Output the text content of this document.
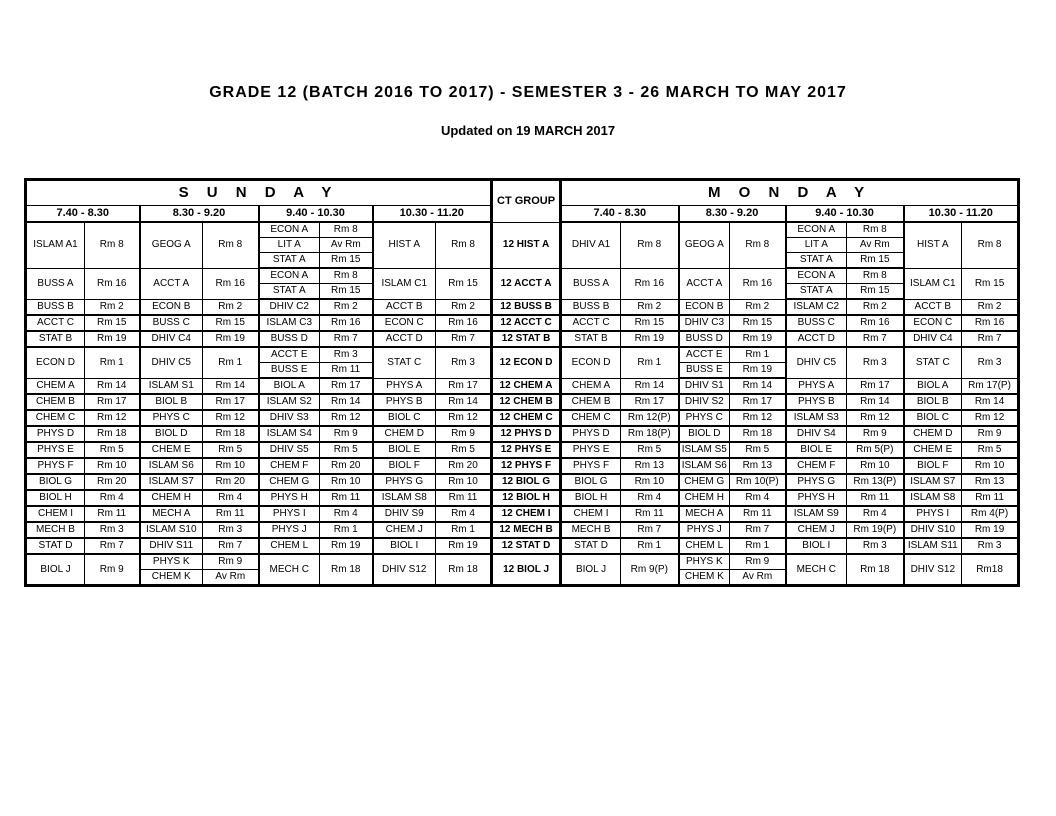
GRADE 12 (BATCH 2016 TO 2017) - SEMESTER 3 - 26 MARCH TO MAY 2017
Updated on 19 MARCH 2017
S U N D A Y								CT GROUP	M O N D A Y							
7.40 - 8.30		8.30 - 9.20		9.40 - 10.30		10.30 - 11.20			7.40 - 8.30		8.30 - 9.20		9.40 - 10.30		10.30 - 11.20	
ISLAM A1	Rm 8	GEOG A	Rm 8	ECON A	Rm 8	HIST A	Rm 8	12 HIST A	DHIV A1	Rm 8	GEOG A	Rm 8	ECON A	Rm 8	HIST A	Rm 8
				LIT A	Av Rm								LIT A	Av Rm		
				STAT A	Rm 15								STAT A	Rm 15		
BUSS A	Rm 16	ACCT A	Rm 16	ECON A	Rm 8	ISLAM C1	Rm 15	12 ACCT A	BUSS A	Rm 16	ACCT A	Rm 16	ECON A	Rm 8	ISLAM C1	Rm 15
				STAT A	Rm 15								STAT A	Rm 15		
BUSS B	Rm 2	ECON B	Rm 2	DHIV C2	Rm 2	ACCT B	Rm 2	12 BUSS B	BUSS B	Rm 2	ECON B	Rm 2	ISLAM C2	Rm 2	ACCT B	Rm 2
ACCT C	Rm 15	BUSS C	Rm 15	ISLAM C3	Rm 16	ECON C	Rm 16	12 ACCT C	ACCT C	Rm 15	DHIV C3	Rm 15	BUSS C	Rm 16	ECON C	Rm 16
STAT B	Rm 19	DHIV C4	Rm 19	BUSS D	Rm 7	ACCT D	Rm 7	12 STAT B	STAT B	Rm 19	BUSS D	Rm 19	ACCT D	Rm 7	DHIV C4	Rm 7
ECON D	Rm 1	DHIV C5	Rm 1	ACCT E	Rm 3	STAT C	Rm 3	12 ECON D	ECON D	Rm 1	ACCT E	Rm 1	DHIV C5	Rm 3	STAT C	Rm 3
				BUSS E	Rm 11						BUSS E	Rm 19				
CHEM A	Rm 14	ISLAM S1	Rm 14	BIOL A	Rm 17	PHYS A	Rm 17	12 CHEM A	CHEM A	Rm 14	DHIV S1	Rm 14	PHYS A	Rm 17	BIOL A	Rm 17(P)
CHEM B	Rm 17	BIOL B	Rm 17	ISLAM S2	Rm 14	PHYS B	Rm 14	12 CHEM B	CHEM B	Rm 17	DHIV S2	Rm 17	PHYS B	Rm 14	BIOL B	Rm 14
CHEM C	Rm 12	PHYS C	Rm 12	DHIV S3	Rm 12	BIOL C	Rm 12	12 CHEM C	CHEM C	Rm 12(P)	PHYS C	Rm 12	ISLAM S3	Rm 12	BIOL C	Rm 12
PHYS D	Rm 18	BIOL D	Rm 18	ISLAM S4	Rm 9	CHEM D	Rm 9	12 PHYS D	PHYS D	Rm 18(P)	BIOL D	Rm 18	DHIV S4	Rm 9	CHEM D	Rm 9
PHYS E	Rm 5	CHEM E	Rm 5	DHIV S5	Rm 5	BIOL E	Rm 5	12 PHYS E	PHYS E	Rm 5	ISLAM S5	Rm 5	BIOL E	Rm 5(P)	CHEM E	Rm 5
PHYS F	Rm 10	ISLAM S6	Rm 10	CHEM F	Rm 20	BIOL F	Rm 20	12 PHYS F	PHYS F	Rm 13	ISLAM S6	Rm 13	CHEM F	Rm 10	BIOL F	Rm 10
BIOL G	Rm 20	ISLAM S7	Rm 20	CHEM G	Rm 10	PHYS G	Rm 10	12 BIOL G	BIOL G	Rm 10	CHEM G	Rm 10(P)	PHYS G	Rm 13(P)	ISLAM S7	Rm 13
BIOL H	Rm 4	CHEM H	Rm 4	PHYS H	Rm 11	ISLAM S8	Rm 11	12 BIOL H	BIOL H	Rm 4	CHEM H	Rm 4	PHYS H	Rm 11	ISLAM S8	Rm 11
CHEM I	Rm 11	MECH A	Rm 11	PHYS I	Rm 4	DHIV S9	Rm 4	12 CHEM I	CHEM I	Rm 11	MECH A	Rm 11	ISLAM S9	Rm 4	PHYS I	Rm 4(P)
MECH B	Rm 3	ISLAM S10	Rm 3	PHYS J	Rm 1	CHEM J	Rm 1	12 MECH B	MECH B	Rm 7	PHYS J	Rm 7	CHEM J	Rm 19(P)	DHIV S10	Rm 19
STAT D	Rm 7	DHIV S11	Rm 7	CHEM L	Rm 19	BIOL I	Rm 19	12 STAT D	STAT D	Rm 1	CHEM L	Rm 1	BIOL I	Rm 3	ISLAM S11	Rm 3
BIOL J	Rm 9	PHYS K	Rm 9	MECH C	Rm 18	DHIV S12	Rm 18	12 BIOL J	BIOL J	Rm 9(P)	PHYS K	Rm 9	MECH C	Rm 18	DHIV S12	Rm18
		CHEM K	Av Rm								CHEM K	Av Rm				
